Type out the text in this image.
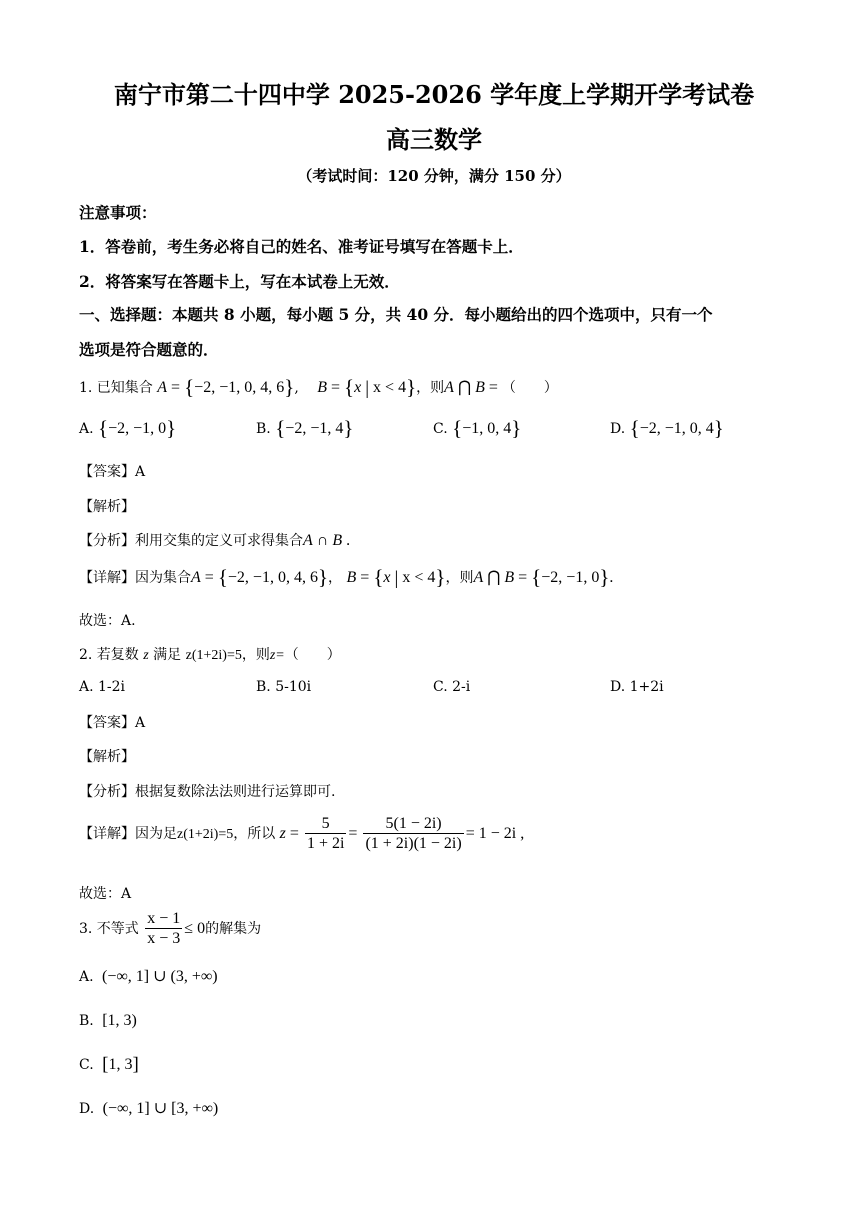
南宁市第二十四中学 2025-2026 学年度上学期开学考试卷
高三数学
（考试时间：120 分钟，满分 150 分）
注意事项：
1．答卷前，考生务必将自己的姓名、准考证号填写在答题卡上．
2．将答案写在答题卡上，写在本试卷上无效．
一、选择题：本题共 8 小题，每小题 5 分，共 40 分．每小题给出的四个选项中，只有一个
选项是符合题意的．
1. 已知集合 A = {−2, −1, 0, 4, 6}, B = {x | x < 4}，则A ⋂ B = （　　）
A. {−2, −1, 0}	B. {−2, −1, 4}	C. {−1, 0, 4}	D. {−2, −1, 0, 4}
【答案】A
【解析】
【分析】利用交集的定义可求得集合A ∩ B .
【详解】因为集合A = {−2, −1, 0, 4, 6}， B = {x | x < 4}，则A ⋂ B = {−2, −1, 0}.
故选：A.
2. 若复数 z 满足 z(1+2i)=5，则z=（　　）
A. 1-2i	B. 5-10i	C. 2-i	D. 1+2i
【答案】A
【解析】
【分析】根据复数除法法则进行运算即可.
【详解】因为足z(1+2i)=5，所以 $z = \frac{5}{1 + 2i} = \frac{5(1 - 2i)}{(1 + 2i)(1 - 2i)} = 1 - 2i$ ,
故选：A
3. 不等式 $\frac{x - 1}{x - 3} \le 0$的解集为
A. (−∞, 1] ∪ (3, +∞)
B. [1, 3)
C. [1, 3]
D. (−∞, 1] ∪ [3, +∞)
